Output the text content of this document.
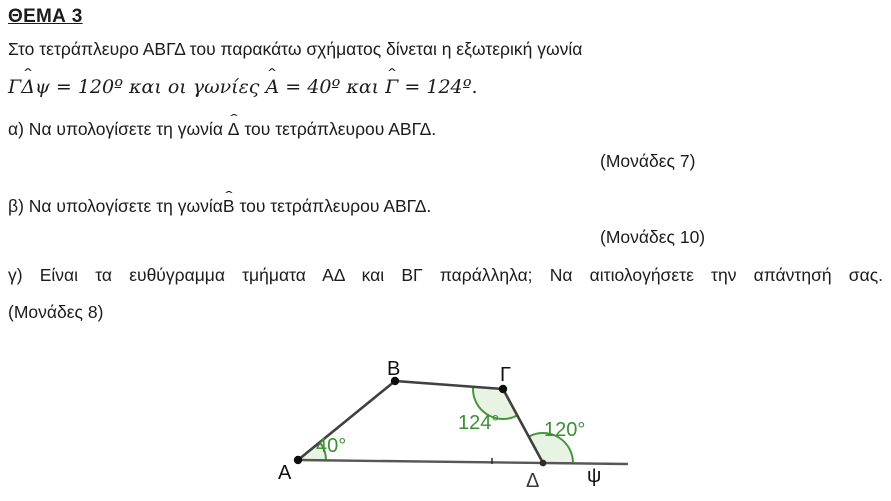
ΘΕΜΑ 3
Στο τετράπλευρο ΑΒΓΔ του παρακάτω σχήματος δίνεται η εξωτερική γωνία
ΓΔ ˆψ = 120º και οι γωνίες A ˆ = 40º και Γ ˆ = 124º.
α) Να υπολογίσετε τη γωνία Δ ˆ του τετράπλευρου ΑΒΓΔ.
(Μονάδες 7)
β) Να υπολογίσετε τη γωνίαΒ ˆ του τετράπλευρου ΑΒΓΔ.
(Μονάδες 10)
γ) Είναι τα ευθύγραμμα τμήματα ΑΔ και ΒΓ παράλληλα; Να αιτιολογήσετε την απάντησή σας.
(Μονάδες 8)
A
B	Γ
Δ ψ
40°
124° 120°
